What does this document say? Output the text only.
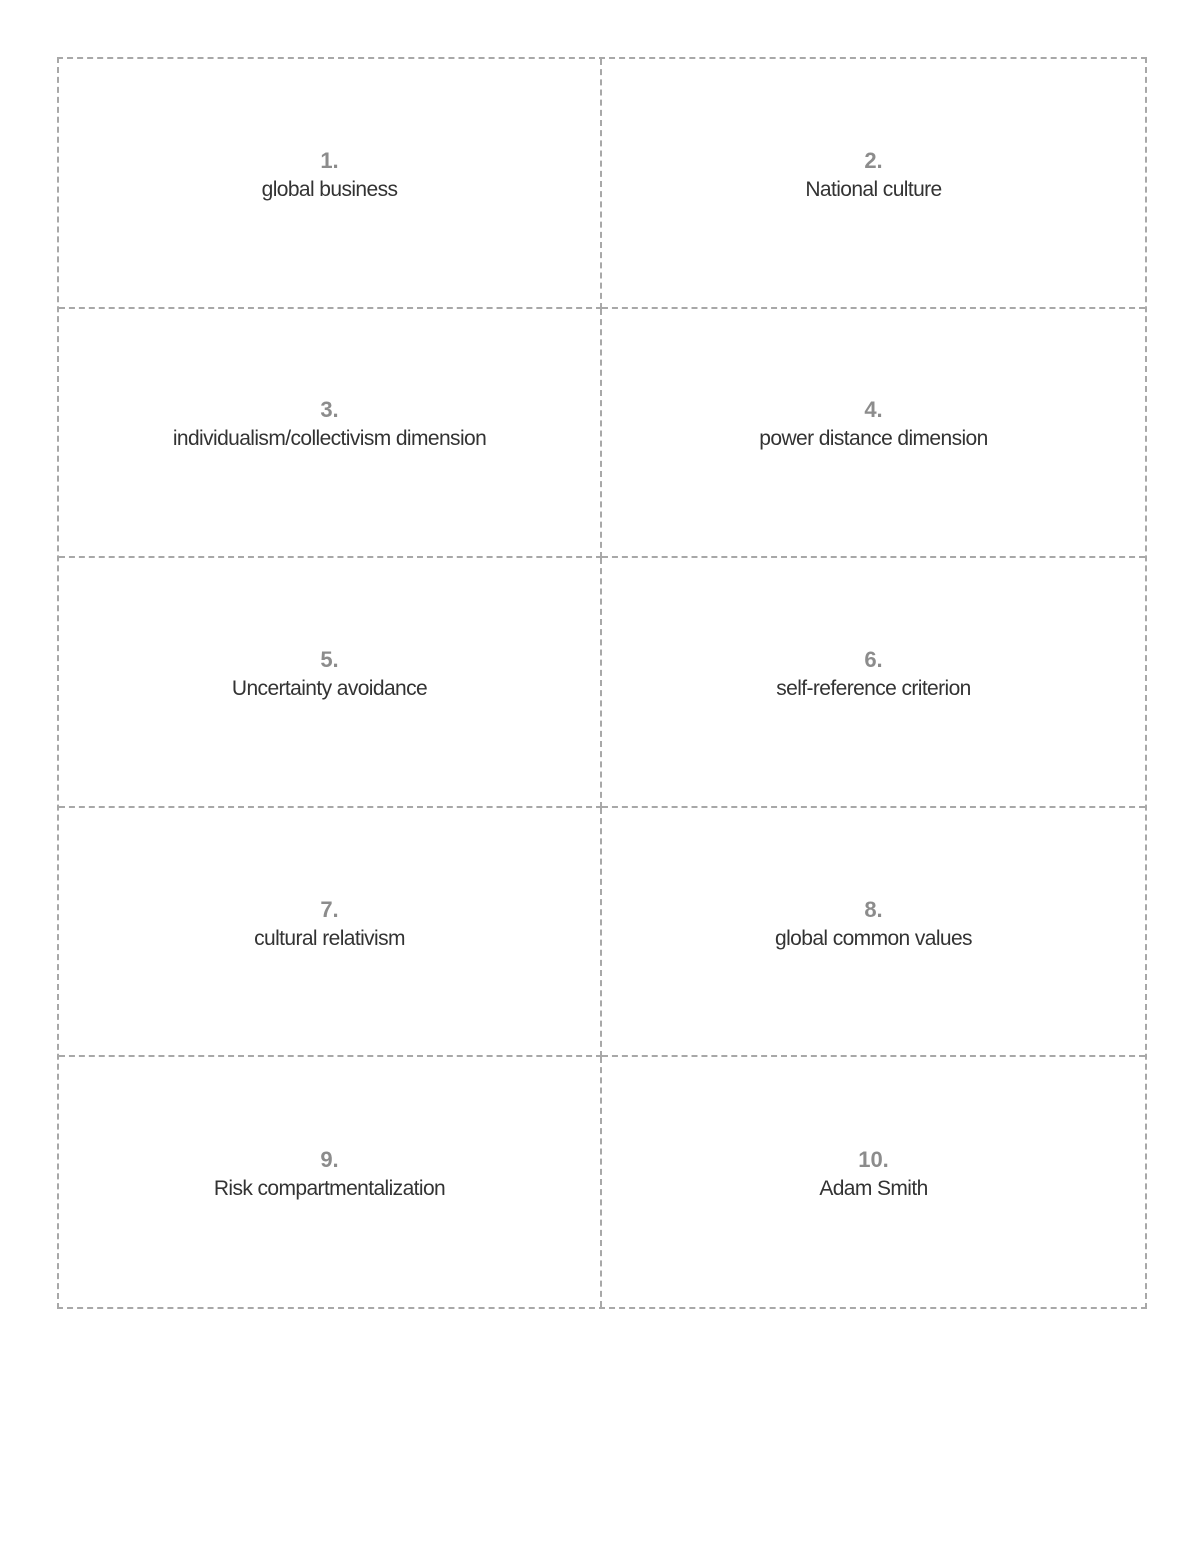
1.
global business
2.
National culture
3.
individualism/collectivism dimension
4.
power distance dimension
5.
Uncertainty avoidance
6.
self-reference criterion
7.
cultural relativism
8.
global common values
9.
Risk compartmentalization
10.
Adam Smith
